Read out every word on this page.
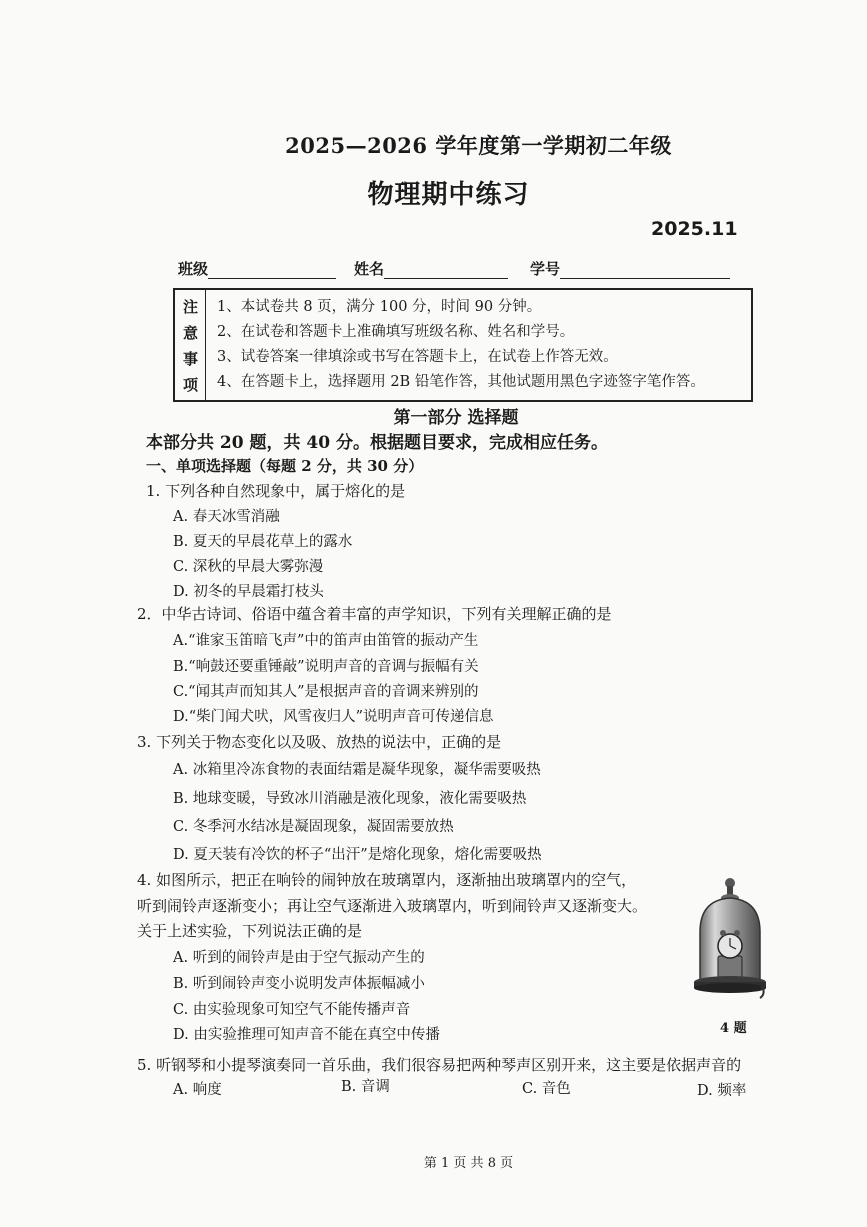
2025—2026 学年度第一学期初二年级
物理期中练习
2025.11
班级	姓名	学号
注
意
事
项
1、本试卷共 8 页，满分 100 分，时间 90 分钟。
2、在试卷和答题卡上准确填写班级名称、姓名和学号。
3、试卷答案一律填涂或书写在答题卡上，在试卷上作答无效。
4、在答题卡上，选择题用 2B 铅笔作答，其他试题用黑色字迹签字笔作答。
第一部分 选择题
本部分共 20 题，共 40 分。根据题目要求，完成相应任务。
一、单项选择题（每题 2 分，共 30 分）
1. 下列各种自然现象中，属于熔化的是
A. 春天冰雪消融
B. 夏天的早晨花草上的露水
C. 深秋的早晨大雾弥漫
D. 初冬的早晨霜打枝头
2．中华古诗词、俗语中蕴含着丰富的声学知识，下列有关理解正确的是
A.“谁家玉笛暗飞声”中的笛声由笛管的振动产生
B.“响鼓还要重锤敲”说明声音的音调与振幅有关
C.“闻其声而知其人”是根据声音的音调来辨别的
D.“柴门闻犬吠，风雪夜归人”说明声音可传递信息
3. 下列关于物态变化以及吸、放热的说法中，正确的是
A. 冰箱里冷冻食物的表面结霜是凝华现象，凝华需要吸热
B. 地球变暖，导致冰川消融是液化现象，液化需要吸热
C. 冬季河水结冰是凝固现象，凝固需要放热
D. 夏天装有冷饮的杯子“出汗”是熔化现象，熔化需要吸热
4. 如图所示，把正在响铃的闹钟放在玻璃罩内，逐渐抽出玻璃罩内的空气，
听到闹铃声逐渐变小；再让空气逐渐进入玻璃罩内，听到闹铃声又逐渐变大。
关于上述实验，下列说法正确的是
A. 听到的闹铃声是由于空气振动产生的
B. 听到闹铃声变小说明发声体振幅减小
C. 由实验现象可知空气不能传播声音
D. 由实验推理可知声音不能在真空中传播	4 题
5. 听钢琴和小提琴演奏同一首乐曲，我们很容易把两种琴声区别开来，这主要是依据声音的
A. 响度	B. 音调	C. 音色	D. 频率
第 1 页 共 8 页
